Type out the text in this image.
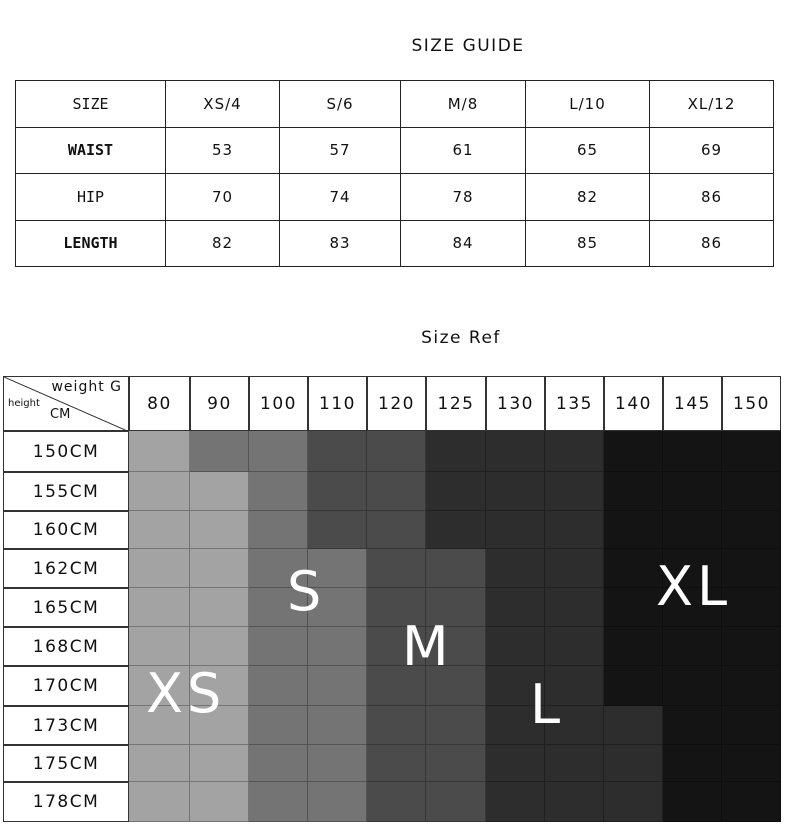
SIZE GUIDE
SIZE	XS/4	S/6	M/8	L/10	XL/12
WAIST	53	57	61	65	69
HIP	70	74	78	82	86
LENGTH	82	83	84	85	86
Size Ref
weight G
height
CM
80	90	100	110	120	125	130	135	140	145	150
150CM
155CM
160CM
162CM
165CM
168CM
170CM
173CM
175CM
178CM
XS
S
M
L
XL
